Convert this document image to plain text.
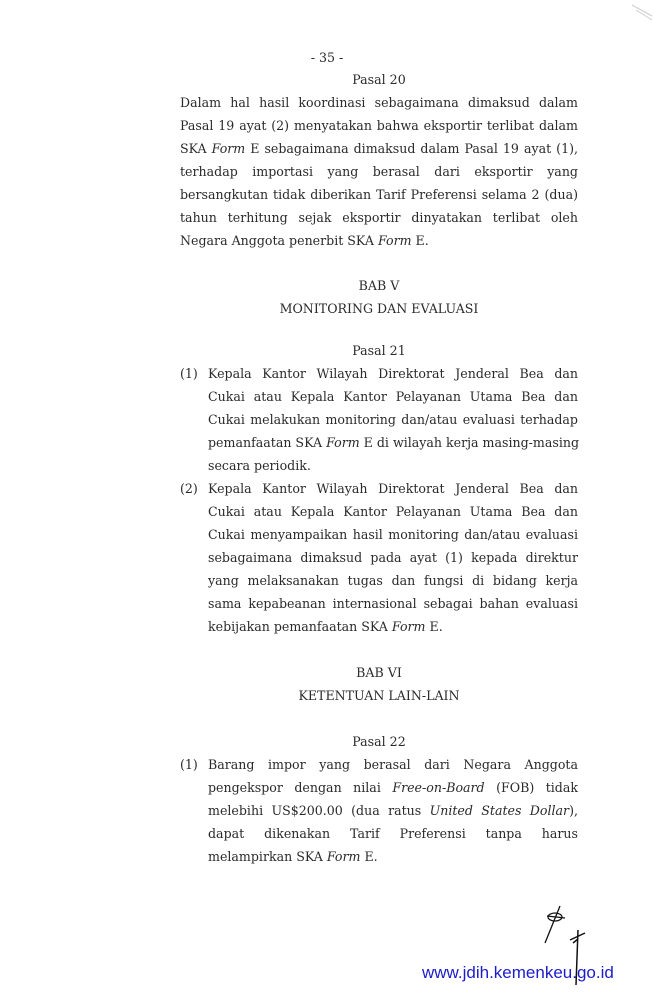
- 35 -
Pasal 20
Dalam hal hasil koordinasi sebagaimana dimaksud dalam
Pasal 19 ayat (2) menyatakan bahwa eksportir terlibat dalam
SKA Form E sebagaimana dimaksud dalam Pasal 19 ayat (1),
terhadap importasi yang berasal dari eksportir yang
bersangkutan tidak diberikan Tarif Preferensi selama 2 (dua)
tahun terhitung sejak eksportir dinyatakan terlibat oleh
Negara Anggota penerbit SKA Form E.
BAB V
MONITORING DAN EVALUASI
Pasal 21
(1) Kepala Kantor Wilayah Direktorat Jenderal Bea dan
Cukai atau Kepala Kantor Pelayanan Utama Bea dan
Cukai melakukan monitoring dan/atau evaluasi terhadap
pemanfaatan SKA Form E di wilayah kerja masing-masing
secara periodik.
(2) Kepala Kantor Wilayah Direktorat Jenderal Bea dan
Cukai atau Kepala Kantor Pelayanan Utama Bea dan
Cukai menyampaikan hasil monitoring dan/atau evaluasi
sebagaimana dimaksud pada ayat (1) kepada direktur
yang melaksanakan tugas dan fungsi di bidang kerja
sama kepabeanan internasional sebagai bahan evaluasi
kebijakan pemanfaatan SKA Form E.
BAB VI
KETENTUAN LAIN-LAIN
Pasal 22
(1) Barang impor yang berasal dari Negara Anggota
pengekspor dengan nilai Free-on-Board (FOB) tidak
melebihi US$200.00 (dua ratus United States Dollar),
dapat dikenakan Tarif Preferensi tanpa harus
melampirkan SKA Form E.
www.jdih.kemenkeu.go.id
